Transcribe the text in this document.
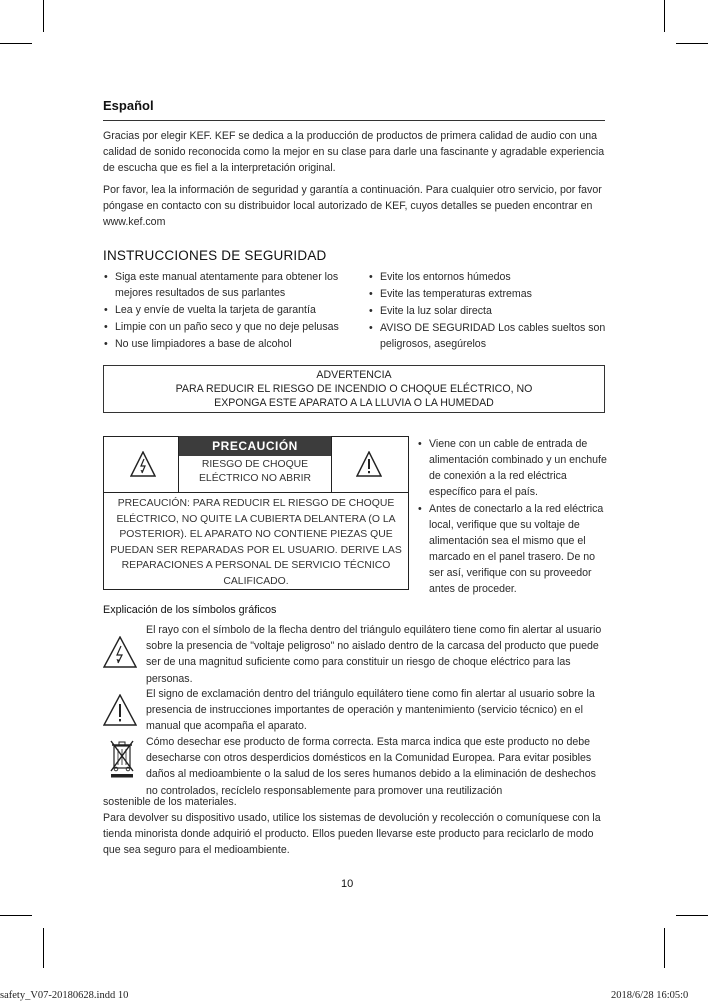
Español
Gracias por elegir KEF. KEF se dedica a la producción de productos de primera calidad de audio con una calidad de sonido reconocida como la mejor en su clase para darle una fascinante y agradable experiencia de escucha que es fiel a la interpretación original.
Por favor, lea la información de seguridad y garantía a continuación. Para cualquier otro servicio, por favor póngase en contacto con su distribuidor local autorizado de KEF, cuyos detalles se pueden encontrar en www.kef.com
INSTRUCCIONES DE SEGURIDAD
• Siga este manual atentamente para obtener los mejores resultados de sus parlantes
• Lea y envíe de vuelta la tarjeta de garantía
• Limpie con un paño seco y que no deje pelusas
• No use limpiadores a base de alcohol
• Evite los entornos húmedos
• Evite las temperaturas extremas
• Evite la luz solar directa
• AVISO DE SEGURIDAD Los cables sueltos son peligrosos, asegúrelos
ADVERTENCIA
PARA REDUCIR EL RIESGO DE INCENDIO O CHOQUE ELÉCTRICO, NO
EXPONGA ESTE APARATO A LA LLUVIA O LA HUMEDAD
PRECAUCIÓN
RIESGO DE CHOQUE
ELÉCTRICO NO ABRIR
PRECAUCIÓN: PARA REDUCIR EL RIESGO DE CHOQUE ELÉCTRICO, NO QUITE LA CUBIERTA DELANTERA (O LA POSTERIOR). EL APARATO NO CONTIENE PIEZAS QUE PUEDAN SER REPARADAS POR EL USUARIO. DERIVE LAS REPARACIONES A PERSONAL DE SERVICIO TÉCNICO CALIFICADO.
• Viene con un cable de entrada de alimentación combinado y un enchufe de conexión a la red eléctrica específico para el país.
• Antes de conectarlo a la red eléctrica local, verifique que su voltaje de alimentación sea el mismo que el marcado en el panel trasero. De no ser así, verifique con su proveedor antes de proceder.
Explicación de los símbolos gráficos
El rayo con el símbolo de la flecha dentro del triángulo equilátero tiene como fin alertar al usuario sobre la presencia de "voltaje peligroso" no aislado dentro de la carcasa del producto que puede ser de una magnitud suficiente como para constituir un riesgo de choque eléctrico para las personas.
El signo de exclamación dentro del triángulo equilátero tiene como fin alertar al usuario sobre la presencia de instrucciones importantes de operación y mantenimiento (servicio técnico) en el manual que acompaña el aparato.
Cómo desechar ese producto de forma correcta. Esta marca indica que este producto no debe desecharse con otros desperdicios domésticos en la Comunidad Europea. Para evitar posibles daños al medioambiente o la salud de los seres humanos debido a la eliminación de deshechos no controlados, recíclelo responsablemente para promover una reutilización
sostenible de los materiales.
Para devolver su dispositivo usado, utilice los sistemas de devolución y recolección o comuníquese con la tienda minorista donde adquirió el producto. Ellos pueden llevarse este producto para reciclarlo de modo que sea seguro para el medioambiente.
10
safety_V07-20180628.indd 10	2018/6/28 16:05:0
